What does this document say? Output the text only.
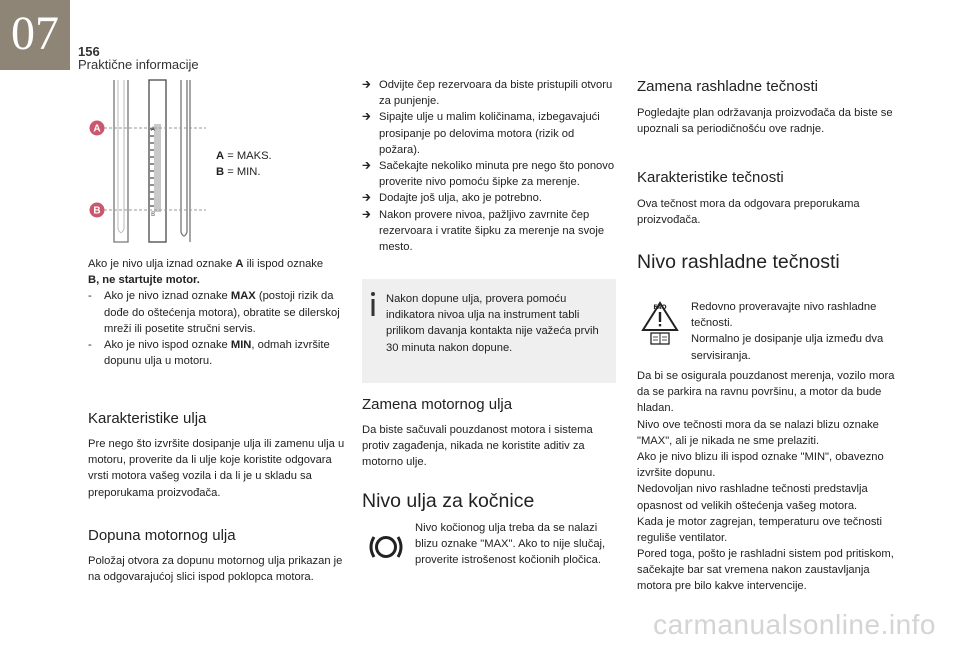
07	156
Praktične informacije
A
B
A
B
A = MAKS.
B = MIN.

Ako je nivo ulja iznad oznake A ili ispod oznake
B, ne startujte motor.

- Ako je nivo iznad oznake MAX (postoji rizik da dođe do oštećenja motora), obratite se dilerskoj mreži ili posetite stručni servis.
- Ako je nivo ispod oznake MIN, odmah izvršite dopunu ulja u motoru.
Karakteristike ulja

Pre nego što izvršite dosipanje ulja ili zamenu ulja u motoru, proverite da li ulje koje koristite odgovara vrsti motora vašeg vozila i da li je u skladu sa preporukama proizvođača.

Dopuna motornog ulja

Položaj otvora za dopunu motornog ulja prikazan je na odgovarajućoj slici ispod poklopca motora.

🡲 Odvijte čep rezervoara da biste pristupili otvoru za punjenje.
🡲 Sipajte ulje u malim količinama, izbegavajući prosipanje po delovima motora (rizik od požara).
🡲 Sačekajte nekoliko minuta pre nego što ponovo proverite nivo pomoću šipke za merenje.
🡲 Dodajte još ulja, ako je potrebno.
🡲 Nakon provere nivoa, pažljivo zavrnite čep rezervoara i vratite šipku za merenje na svoje mesto.

Nakon dopune ulja, provera pomoću indikatora nivoa ulja na instrument tabli prilikom davanja kontakta nije važeća prvih 30 minuta nakon dopune.

Zamena motornog ulja

Da biste sačuvali pouzdanost motora i sistema protiv zagađenja, nikada ne koristite aditiv za motorno ulje.

Nivo ulja za kočnice

Nivo kočionog ulja treba da se nalazi blizu oznake "MAX". Ako to nije slučaj, proverite istrošenost kočionih pločica.

Zamena rashladne tečnosti

Pogledajte plan održavanja proizvođača da biste se upoznali sa periodičnošću ove radnje.

Karakteristike tečnosti

Ova tečnost mora da odgovara preporukama proizvođača.

Nivo rashladne tečnosti
FAO Redovno proveravajte nivo rashladne tečnosti.
Normalno je dosipanje ulja između dva servisiranja.

Da bi se osigurala pouzdanost merenja, vozilo mora da se parkira na ravnu površinu, a motor da bude hladan.
Nivo ove tečnosti mora da se nalazi blizu oznake "MAX", ali je nikada ne sme prelaziti.
Ako je nivo blizu ili ispod oznake "MIN", obavezno izvršite dopunu.
Nedovoljan nivo rashladne tečnosti predstavlja opasnost od velikih oštećenja vašeg motora.
Kada je motor zagrejan, temperaturu ove tečnosti reguliše ventilator.

Pored toga, pošto je rashladni sistem pod pritiskom, sačekajte bar sat vremena nakon zaustavljanja motora pre bilo kakve intervencije.

carmanualsonline.info
